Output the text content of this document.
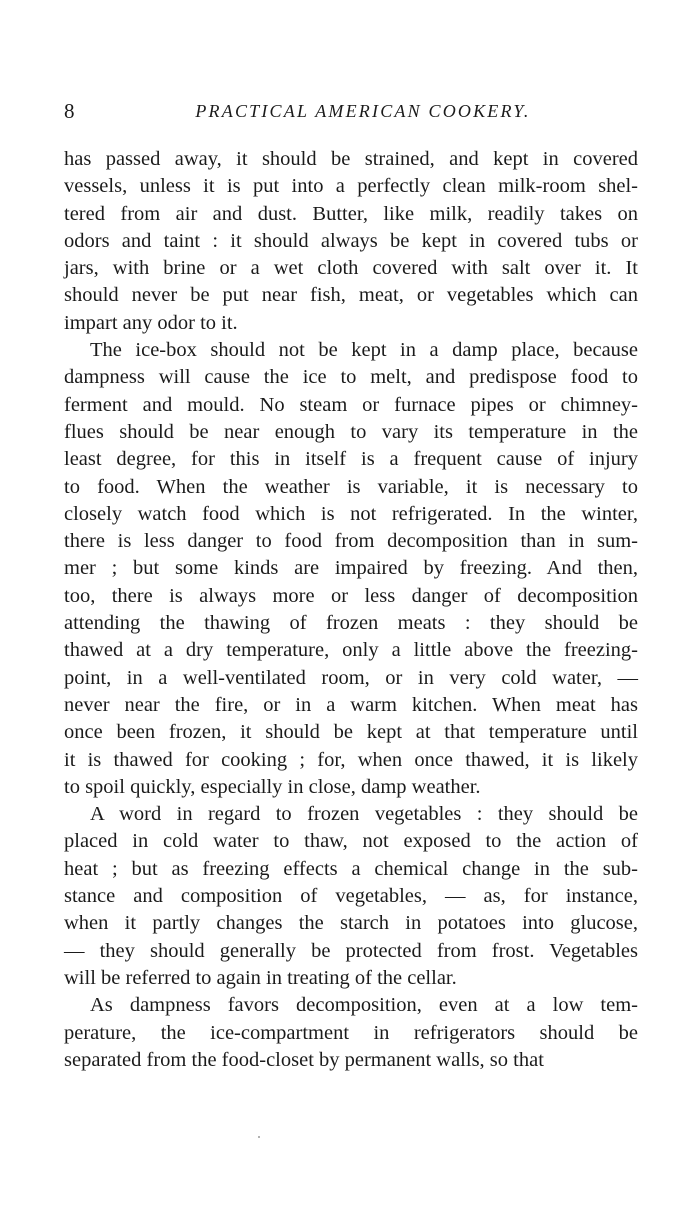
8	PRACTICAL AMERICAN COOKERY.

has passed away, it should be strained, and kept in covered
vessels, unless it is put into a perfectly clean milk-room shel-
tered from air and dust. Butter, like milk, readily takes on
odors and taint : it should always be kept in covered tubs or
jars, with brine or a wet cloth covered with salt over it. It
should never be put near fish, meat, or vegetables which can
impart any odor to it.

The ice-box should not be kept in a damp place, because
dampness will cause the ice to melt, and predispose food to
ferment and mould. No steam or furnace pipes or chimney-
flues should be near enough to vary its temperature in the
least degree, for this in itself is a frequent cause of injury
to food. When the weather is variable, it is necessary to
closely watch food which is not refrigerated. In the winter,
there is less danger to food from decomposition than in sum-
mer ; but some kinds are impaired by freezing. And then,
too, there is always more or less danger of decomposition
attending the thawing of frozen meats : they should be
thawed at a dry temperature, only a little above the freezing-
point, in a well-ventilated room, or in very cold water, —
never near the fire, or in a warm kitchen. When meat has
once been frozen, it should be kept at that temperature until
it is thawed for cooking ; for, when once thawed, it is likely
to spoil quickly, especially in close, damp weather.

A word in regard to frozen vegetables : they should be
placed in cold water to thaw, not exposed to the action of
heat ; but as freezing effects a chemical change in the sub-
stance and composition of vegetables, — as, for instance,
when it partly changes the starch in potatoes into glucose,
— they should generally be protected from frost. Vegetables
will be referred to again in treating of the cellar.

As dampness favors decomposition, even at a low tem-
perature, the ice-compartment in refrigerators should be
separated from the food-closet by permanent walls, so that
